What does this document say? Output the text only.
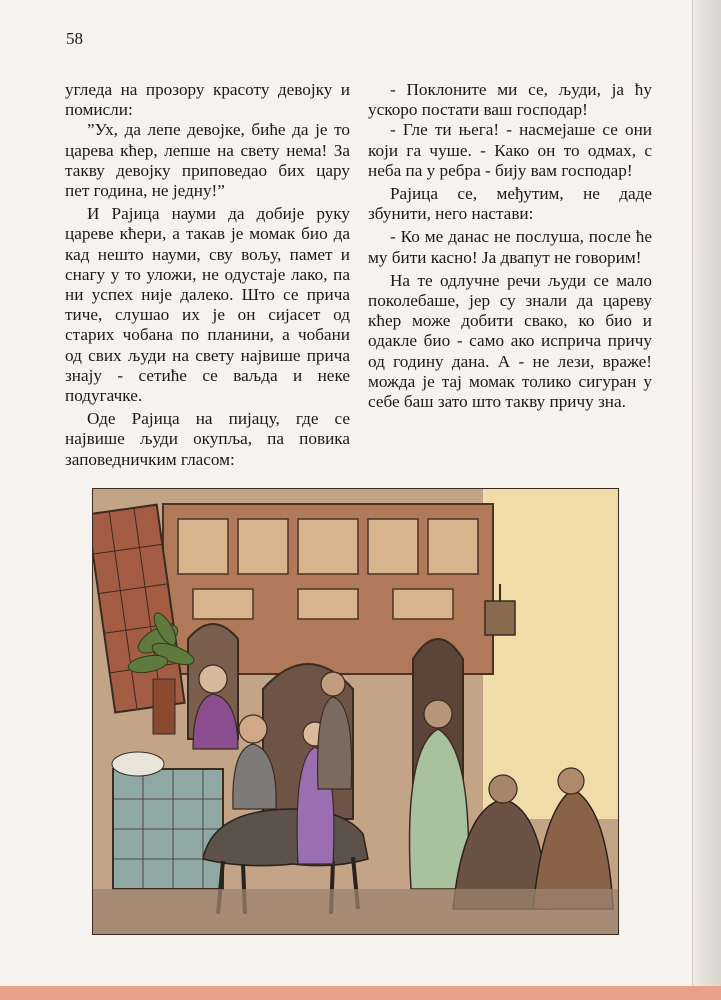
58

угледа на прозору красоту девојку и помисли:

”Ух, да лепе девојке, биће да је то царева кћер, лепше на свету нема! За такву девојку приповедао бих цару пет година, не једну!”

И Рајица науми да добије руку цареве кћери, а такав је момак био да кад нешто науми, сву вољу, памет и снагу у то уложи, не одустаје лако, па ни успех није далеко. Што се прича тиче, слушао их је он сијасет од старих чобана по планини, а чобани од свих људи на свету највише прича знају - сетиће се ваљда и неке подугачке.

Оде Рајица на пијацу, где се највише људи окупља, па повика заповедничким гласом:

- Поклоните ми се, људи, ја ћу ускоро постати ваш господар!

- Гле ти њега! - насмејаше се они који га чуше. - Како он то одмах, с неба па у ребра - бију вам господар!

Рајица се, међутим, не даде збунити, него настави:

- Ко ме данас не послуша, после ће му бити касно! Ја двапут не говорим!

На те одлучне речи људи се мало поколебаше, јер су знали да цареву кћер може добити свако, ко био и одакле био - само ако исприча причу од годину дана. А - не лези, враже! можда је тај момак толико сигуран у себе баш зато што такву причу зна.
